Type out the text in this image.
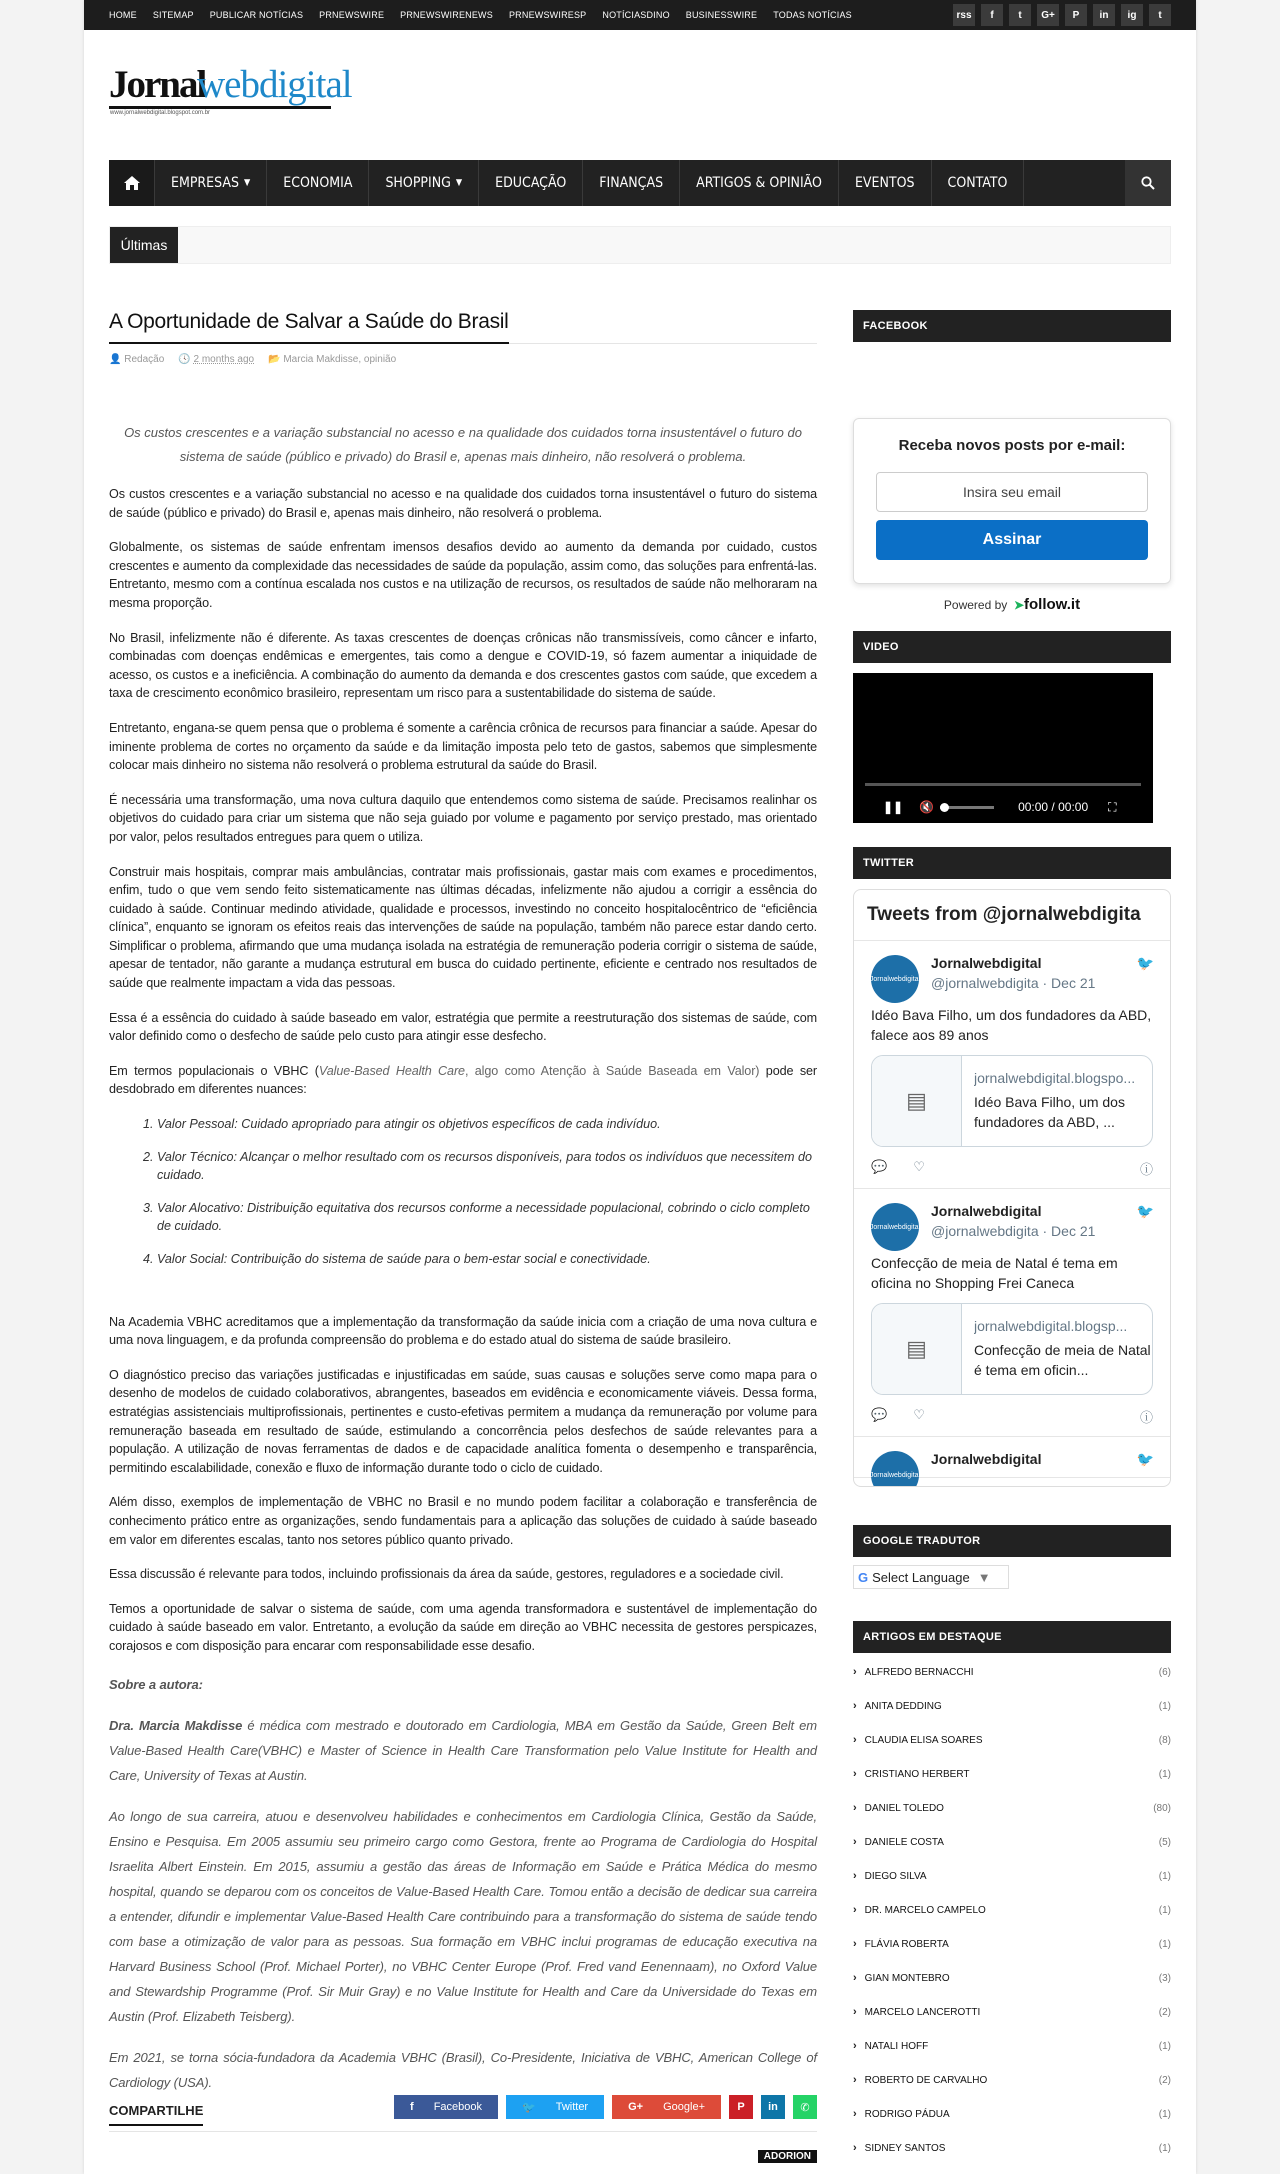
HOME SITEMAP PUBLICAR NOTÍCIAS PRNEWSWIRE PRNEWSWIRENEWS PRNEWSWIRESP NOTÍCIASDINO BUSINESSWIRE TODAS NOTÍCIAS	rss	f	t	G+	P	in	ig	t
Jornal
webdigital
www.jornalwebdigital.blogspot.com.br
EMPRESAS ▼ ECONOMIA SHOPPING ▼ EDUCAÇÃO FINANÇAS ARTIGOS & OPINIÃO EVENTOS CONTATO
Últimas
A Oportunidade de Salvar a Saúde do Brasil
👤 Redação 🕓 2 months ago 📂 Marcia Makdisse, opinião

Os custos crescentes e a variação substancial no acesso e na qualidade dos cuidados torna insustentável o futuro do sistema de saúde (público e privado) do Brasil e, apenas mais dinheiro, não resolverá o problema.

Os custos crescentes e a variação substancial no acesso e na qualidade dos cuidados torna insustentável o futuro do sistema de saúde (público e privado) do Brasil e, apenas mais dinheiro, não resolverá o problema.

Globalmente, os sistemas de saúde enfrentam imensos desafios devido ao aumento da demanda por cuidado, custos crescentes e aumento da complexidade das necessidades de saúde da população, assim como, das soluções para enfrentá-las. Entretanto, mesmo com a contínua escalada nos custos e na utilização de recursos, os resultados de saúde não melhoraram na mesma proporção.

No Brasil, infelizmente não é diferente. As taxas crescentes de doenças crônicas não transmissíveis, como câncer e infarto, combinadas com doenças endêmicas e emergentes, tais como a dengue e COVID-19, só fazem aumentar a iniquidade de acesso, os custos e a ineficiência. A combinação do aumento da demanda e dos crescentes gastos com saúde, que excedem a taxa de crescimento econômico brasileiro, representam um risco para a sustentabilidade do sistema de saúde.

Entretanto, engana-se quem pensa que o problema é somente a carência crônica de recursos para financiar a saúde. Apesar do iminente problema de cortes no orçamento da saúde e da limitação imposta pelo teto de gastos, sabemos que simplesmente colocar mais dinheiro no sistema não resolverá o problema estrutural da saúde do Brasil.

É necessária uma transformação, uma nova cultura daquilo que entendemos como sistema de saúde. Precisamos realinhar os objetivos do cuidado para criar um sistema que não seja guiado por volume e pagamento por serviço prestado, mas orientado por valor, pelos resultados entregues para quem o utiliza.

Construir mais hospitais, comprar mais ambulâncias, contratar mais profissionais, gastar mais com exames e procedimentos, enfim, tudo o que vem sendo feito sistematicamente nas últimas décadas, infelizmente não ajudou a corrigir a essência do cuidado à saúde. Continuar medindo atividade, qualidade e processos, investindo no conceito hospitalocêntrico de “eficiência clínica”, enquanto se ignoram os efeitos reais das intervenções de saúde na população, também não parece estar dando certo. Simplificar o problema, afirmando que uma mudança isolada na estratégia de remuneração poderia corrigir o sistema de saúde, apesar de tentador, não garante a mudança estrutural em busca do cuidado pertinente, eficiente e centrado nos resultados de saúde que realmente impactam a vida das pessoas.

Essa é a essência do cuidado à saúde baseado em valor, estratégia que permite a reestruturação dos sistemas de saúde, com valor definido como o desfecho de saúde pelo custo para atingir esse desfecho.

Em termos populacionais o VBHC (Value-Based Health Care, algo como Atenção à Saúde Baseada em Valor) pode ser desdobrado em diferentes nuances:

1. Valor Pessoal: Cuidado apropriado para atingir os objetivos específicos de cada indivíduo.
2. Valor Técnico: Alcançar o melhor resultado com os recursos disponíveis, para todos os indivíduos que necessitem do cuidado.
3. Valor Alocativo: Distribuição equitativa dos recursos conforme a necessidade populacional, cobrindo o ciclo completo de cuidado.
4. Valor Social: Contribuição do sistema de saúde para o bem-estar social e conectividade.

Na Academia VBHC acreditamos que a implementação da transformação da saúde inicia com a criação de uma nova cultura e uma nova linguagem, e da profunda compreensão do problema e do estado atual do sistema de saúde brasileiro.

O diagnóstico preciso das variações justificadas e injustificadas em saúde, suas causas e soluções serve como mapa para o desenho de modelos de cuidado colaborativos, abrangentes, baseados em evidência e economicamente viáveis. Dessa forma, estratégias assistenciais multiprofissionais, pertinentes e custo-efetivas permitem a mudança da remuneração por volume para remuneração baseada em resultado de saúde, estimulando a concorrência pelos desfechos de saúde relevantes para a população. A utilização de novas ferramentas de dados e de capacidade analítica fomenta o desempenho e transparência, permitindo escalabilidade, conexão e fluxo de informação durante todo o ciclo de cuidado.

Além disso, exemplos de implementação de VBHC no Brasil e no mundo podem facilitar a colaboração e transferência de conhecimento prático entre as organizações, sendo fundamentais para a aplicação das soluções de cuidado à saúde baseado em valor em diferentes escalas, tanto nos setores público quanto privado.

Essa discussão é relevante para todos, incluindo profissionais da área da saúde, gestores, reguladores e a sociedade civil.

Temos a oportunidade de salvar o sistema de saúde, com uma agenda transformadora e sustentável de implementação do cuidado à saúde baseado em valor. Entretanto, a evolução da saúde em direção ao VBHC necessita de gestores perspicazes, corajosos e com disposição para encarar com responsabilidade esse desafio.

Sobre a autora:

Dra. Marcia Makdisse é médica com mestrado e doutorado em Cardiologia, MBA em Gestão da Saúde, Green Belt em Value-Based Health Care(VBHC) e Master of Science in Health Care Transformation pelo Value Institute for Health and Care, University of Texas at Austin.

Ao longo de sua carreira, atuou e desenvolveu habilidades e conhecimentos em Cardiologia Clínica, Gestão da Saúde, Ensino e Pesquisa. Em 2005 assumiu seu primeiro cargo como Gestora, frente ao Programa de Cardiologia do Hospital Israelita Albert Einstein. Em 2015, assumiu a gestão das áreas de Informação em Saúde e Prática Médica do mesmo hospital, quando se deparou com os conceitos de Value-Based Health Care. Tomou então a decisão de dedicar sua carreira a entender, difundir e implementar Value-Based Health Care contribuindo para a transformação do sistema de saúde tendo com base a otimização de valor para as pessoas. Sua formação em VBHC inclui programas de educação executiva na Harvard Business School (Prof. Michael Porter), no VBHC Center Europe (Prof. Fred vand Eenennaam), no Oxford Value and Stewardship Programme (Prof. Sir Muir Gray) e no Value Institute for Health and Care da Universidade do Texas em Austin (Prof. Elizabeth Teisberg).

Em 2021, se torna sócia-fundadora da Academia VBHC (Brasil), Co-Presidente, Iniciativa de VBHC, American College of Cardiology (USA).

COMPARTILHE	f	Facebook	🐦	Twitter	G+	Google+	P	in	✆
ADORION
FACEBOOK
Receba novos posts por e-mail:
Insira seu email
Assinar
Powered by ➤follow.it
VIDEO
❚❚ 🔇	00:00 / 00:00 ⛶
TWITTER
Tweets from @jornalwebdigita
Jornalwebdigital
Jornalwebdigital
@jornalwebdigita · Dec 21
🐦
Idéo Bava Filho, um dos fundadores da ABD, falece aos 89 anos
▤
jornalwebdigital.blogspo...
Idéo Bava Filho, um dos fundadores da ABD, ...
💬 ♡	ⓘ
Jornalwebdigital
Jornalwebdigital
@jornalwebdigita · Dec 21
🐦
Confecção de meia de Natal é tema em oficina no Shopping Frei Caneca
▤
jornalwebdigital.blogsp...
Confecção de meia de Natal é tema em oficin...
💬 ♡	ⓘ
Jornalwebdigital
Jornalwebdigital	🐦
GOOGLE TRADUTOR
G Select Language ▼
ARTIGOS EM DESTAQUE
› ALFREDO BERNACCHI	(6)
› ANITA DEDDING	(1)
› CLAUDIA ELISA SOARES	(8)
› CRISTIANO HERBERT	(1)
› DANIEL TOLEDO	(80)
› DANIELE COSTA	(5)
› DIEGO SILVA	(1)
› DR. MARCELO CAMPELO	(1)
› FLÁVIA ROBERTA	(1)
› GIAN MONTEBRO	(3)
› MARCELO LANCEROTTI	(2)
› NATALI HOFF	(1)
› ROBERTO DE CARVALHO	(2)
› RODRIGO PÁDUA	(1)
› SIDNEY SANTOS	(1)
